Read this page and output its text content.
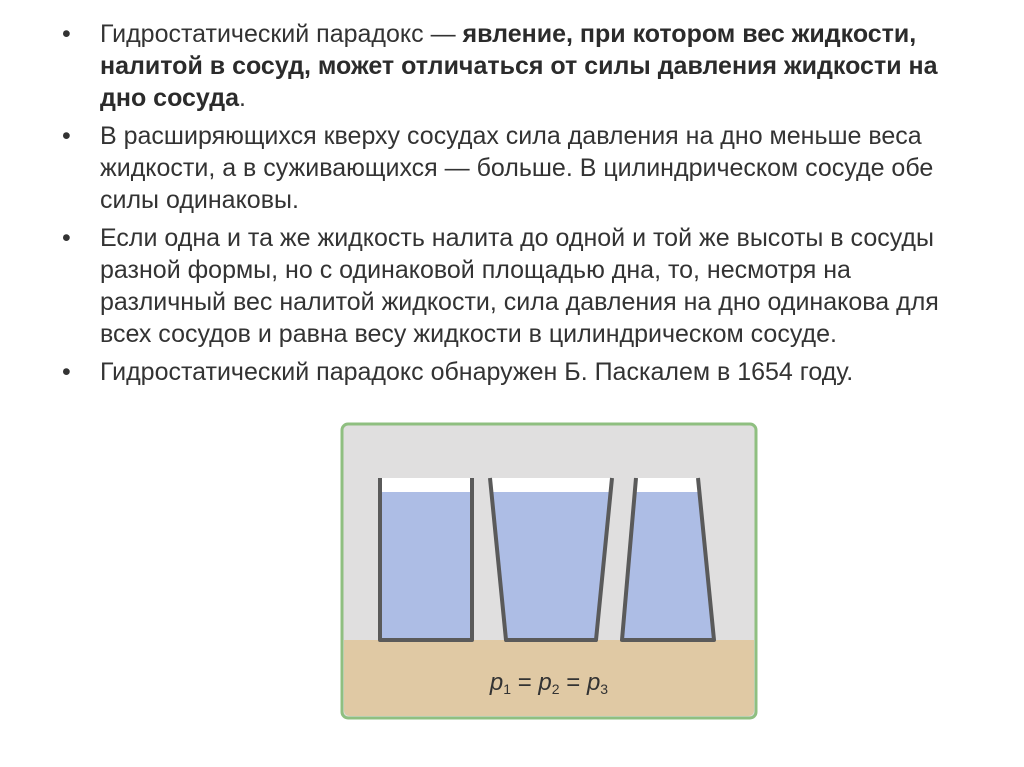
•	Гидростатический парадокс — явление, при котором вес жидкости, налитой в сосуд, может отличаться от силы давления жидкости на дно сосуда.
•	В расширяющихся кверху сосудах сила давления на дно меньше веса жидкости, а в суживающихся — больше. В цилиндрическом сосуде обе силы одинаковы.
•	Если одна и та же жидкость налита до одной и той же высоты в сосуды разной формы, но с одинаковой площадью дна, то, несмотря на различный вес налитой жидкости, сила давления на дно одинакова для всех сосудов и равна весу жидкости в цилиндрическом сосуде.
•	Гидростатический парадокс обнаружен Б. Паскалем в 1654 году.
p1 = p2 = p3
